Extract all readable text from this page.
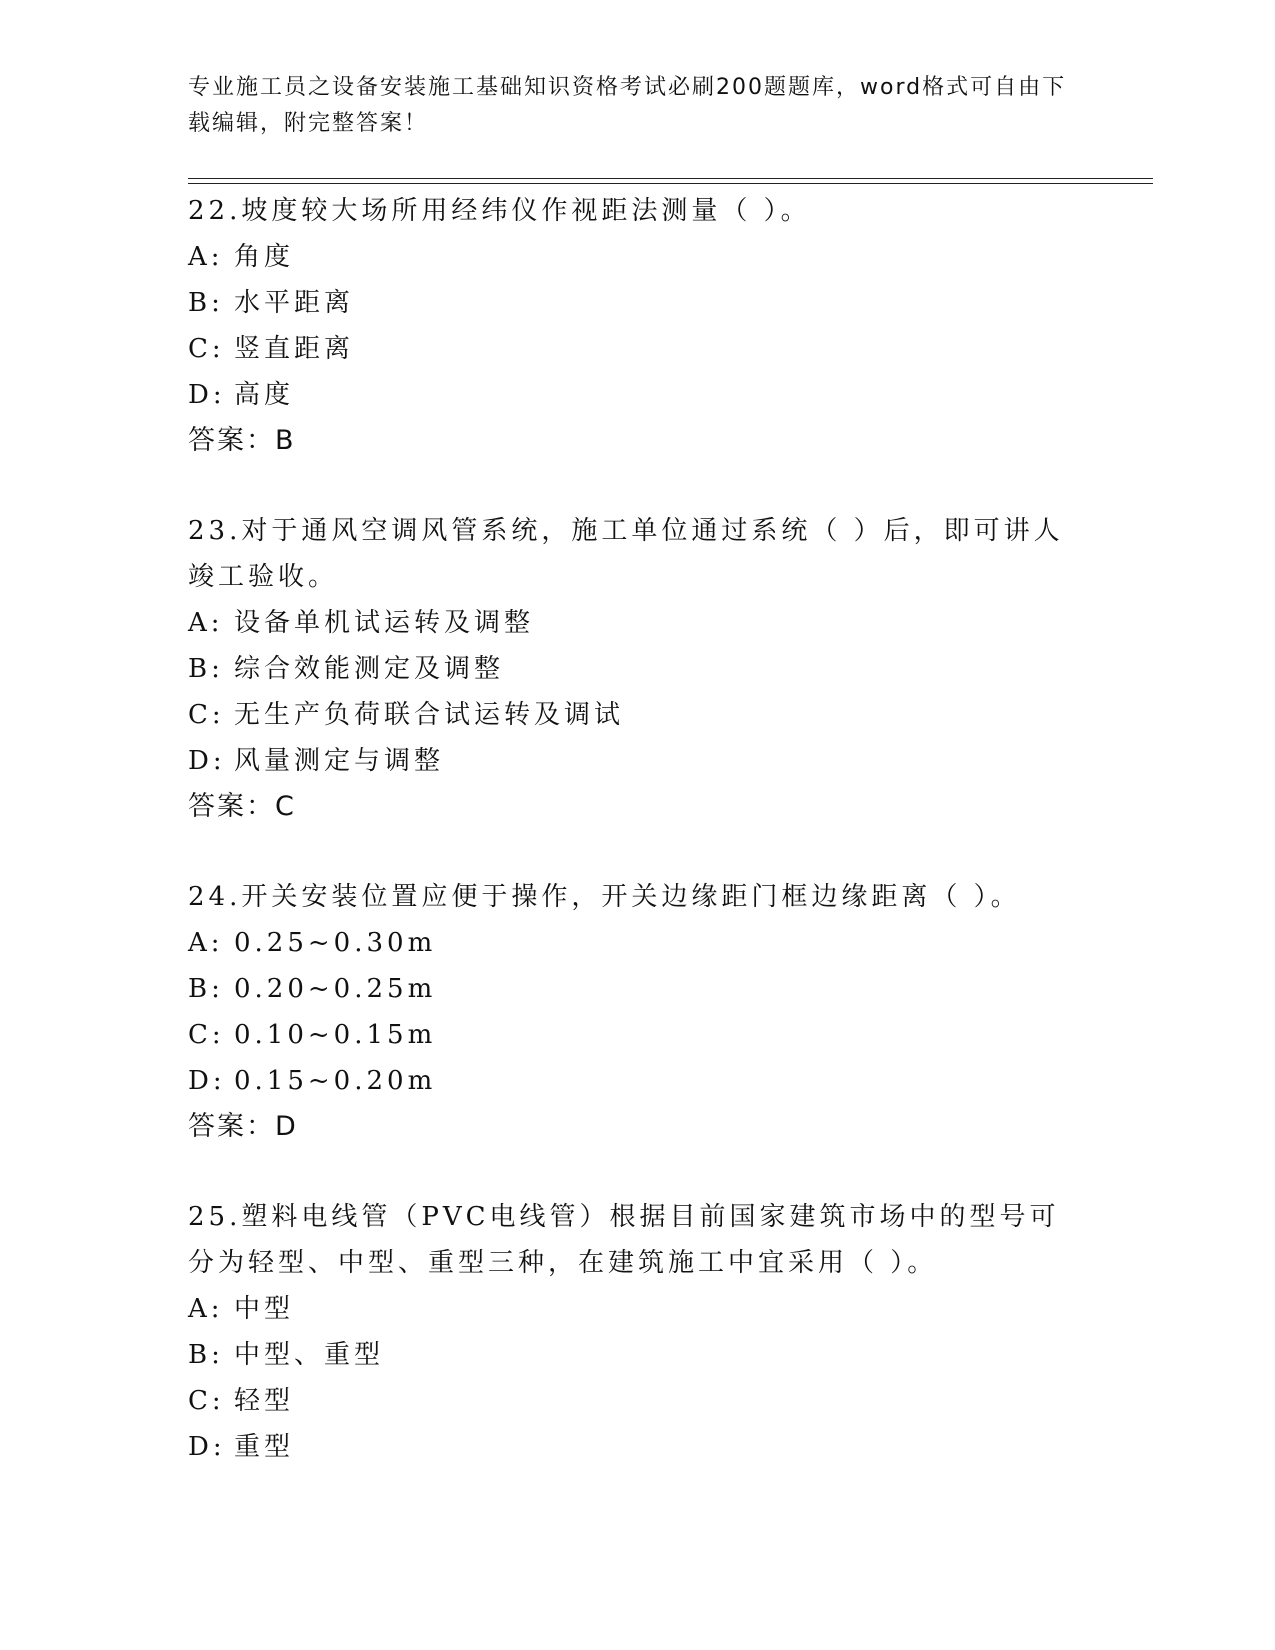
专业施工员之设备安装施工基础知识资格考试必刷200题题库，word格式可自由下载编辑，附完整答案！

22.坡度较大场所用经纬仪作视距法测量（ ）。

A: 角度
B: 水平距离
C: 竖直距离
D: 高度
答案： B

23.对于通风空调风管系统，施工单位通过系统（ ）后，即可讲人竣工验收。

A: 设备单机试运转及调整
B: 综合效能测定及调整
C: 无生产负荷联合试运转及调试
D: 风量测定与调整
答案： C

24.开关安装位置应便于操作，开关边缘距门框边缘距离（ ）。

A: 0.25~0.30m
B: 0.20~0.25m
C: 0.10~0.15m
D: 0.15~0.20m
答案： D

25.塑料电线管（PVC电线管）根据目前国家建筑市场中的型号可分为轻型、中型、重型三种，在建筑施工中宜采用（ ）。

A: 中型
B: 中型、重型
C: 轻型
D: 重型
